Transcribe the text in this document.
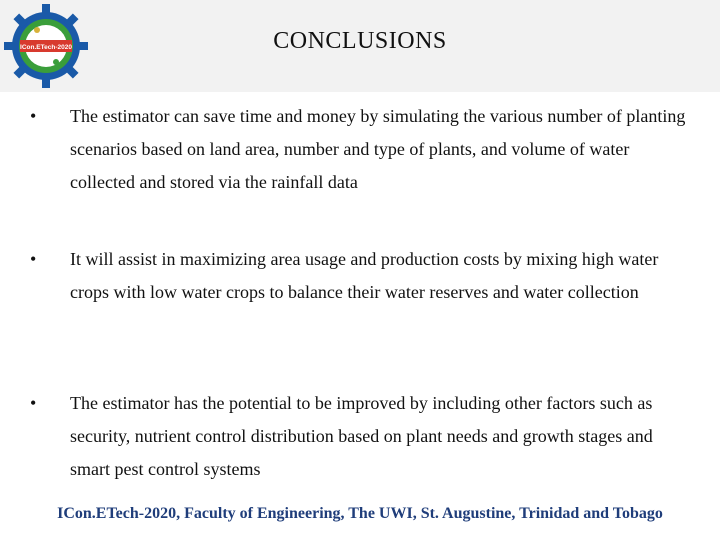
ICon.ETech-2020	CONCLUSIONS
• The estimator can save time and money by simulating the various number of planting scenarios based on land area, number and type of plants, and volume of water collected and stored via the rainfall data
• It will assist in maximizing area usage and production costs by mixing high water crops with low water crops to balance their water reserves and water collection
• The estimator has the potential to be improved by including other factors such as security, nutrient control distribution based on plant needs and growth stages and smart pest control systems
ICon.ETech-2020, Faculty of Engineering, The UWI, St. Augustine, Trinidad and Tobago
